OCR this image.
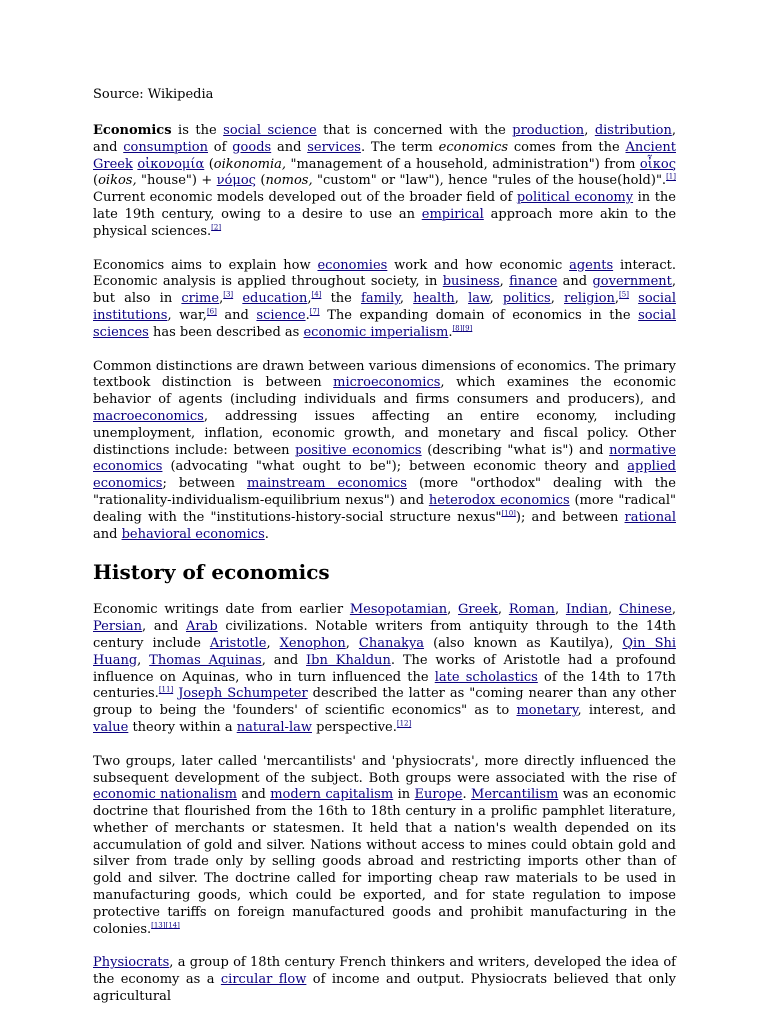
Source: Wikipedia

Economics is the social science that is concerned with the production, distribution, and consumption of goods and services. The term economics comes from the Ancient Greek οἰκονομία (oikonomia, "management of a household, administration") from οἶκος (oikos, "house") + νόμος (nomos, "custom" or "law"), hence "rules of the house(hold)".[1] Current economic models developed out of the broader field of political economy in the late 19th century, owing to a desire to use an empirical approach more akin to the physical sciences.[2]

Economics aims to explain how economies work and how economic agents interact. Economic analysis is applied throughout society, in business, finance and government, but also in crime,[3] education,[4] the family, health, law, politics, religion,[5] social institutions, war,[6] and science.[7] The expanding domain of economics in the social sciences has been described as economic imperialism.[8][9]

Common distinctions are drawn between various dimensions of economics. The primary textbook distinction is between microeconomics, which examines the economic behavior of agents (including individuals and firms consumers and producers), and macroeconomics, addressing issues affecting an entire economy, including unemployment, inflation, economic growth, and monetary and fiscal policy. Other distinctions include: between positive economics (describing "what is") and normative economics (advocating "what ought to be"); between economic theory and applied economics; between mainstream economics (more "orthodox" dealing with the "rationality-individualism-equilibrium nexus") and heterodox economics (more "radical" dealing with the "institutions-history-social structure nexus"[10]); and between rational and behavioral economics.

History of economics

Economic writings date from earlier Mesopotamian, Greek, Roman, Indian, Chinese, Persian, and Arab civilizations. Notable writers from antiquity through to the 14th century include Aristotle, Xenophon, Chanakya (also known as Kautilya), Qin Shi Huang, Thomas Aquinas, and Ibn Khaldun. The works of Aristotle had a profound influence on Aquinas, who in turn influenced the late scholastics of the 14th to 17th centuries.[11] Joseph Schumpeter described the latter as "coming nearer than any other group to being the 'founders' of scientific economics" as to monetary, interest, and value theory within a natural-law perspective.[12]

Two groups, later called 'mercantilists' and 'physiocrats', more directly influenced the subsequent development of the subject. Both groups were associated with the rise of economic nationalism and modern capitalism in Europe. Mercantilism was an economic doctrine that flourished from the 16th to 18th century in a prolific pamphlet literature, whether of merchants or statesmen. It held that a nation's wealth depended on its accumulation of gold and silver. Nations without access to mines could obtain gold and silver from trade only by selling goods abroad and restricting imports other than of gold and silver. The doctrine called for importing cheap raw materials to be used in manufacturing goods, which could be exported, and for state regulation to impose protective tariffs on foreign manufactured goods and prohibit manufacturing in the colonies.[13][14]

Physiocrats, a group of 18th century French thinkers and writers, developed the idea of the economy as a circular flow of income and output. Physiocrats believed that only agricultural
